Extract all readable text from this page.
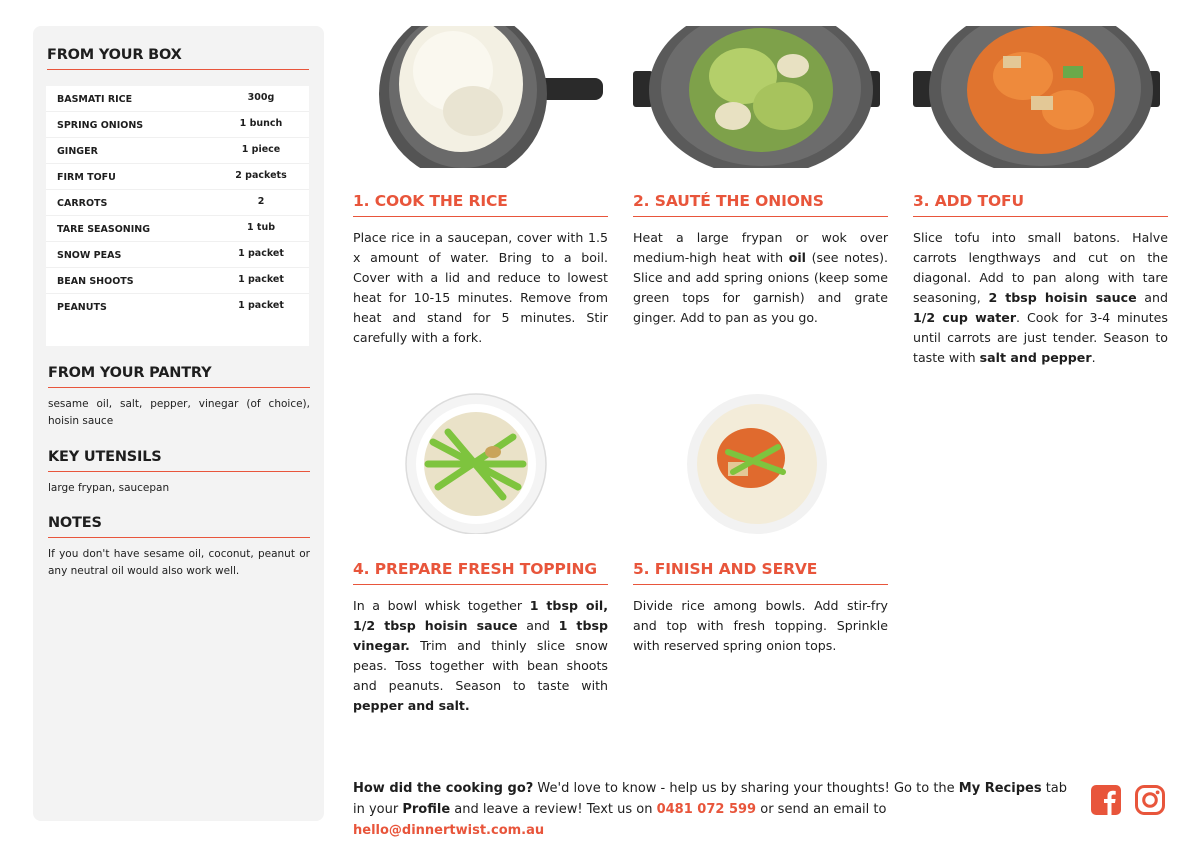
FROM YOUR BOX
BASMATI RICE	300g
SPRING ONIONS	1 bunch
GINGER	1 piece
FIRM TOFU	2 packets
CARROTS	2
TARE SEASONING	1 tub
SNOW PEAS	1 packet
BEAN SHOOTS	1 packet
PEANUTS	1 packet
FROM YOUR PANTRY
sesame oil, salt, pepper, vinegar (of choice), hoisin sauce
KEY UTENSILS
large frypan, saucepan
NOTES
If you don't have sesame oil, coconut, peanut or any neutral oil would also work well.
1. COOK THE RICE
Place rice in a saucepan, cover with 1.5 x amount of water. Bring to a boil. Cover with a lid and reduce to lowest heat for 10-15 minutes. Remove from heat and stand for 5 minutes. Stir carefully with a fork.
2. SAUTÉ THE ONIONS
Heat a large frypan or wok over medium-high heat with oil (see notes). Slice and add spring onions (keep some green tops for garnish) and grate ginger. Add to pan as you go.
3. ADD TOFU
Slice tofu into small batons. Halve carrots lengthways and cut on the diagonal. Add to pan along with tare seasoning, 2 tbsp hoisin sauce and 1/2 cup water. Cook for 3-4 minutes until carrots are just tender. Season to taste with salt and pepper.
4. PREPARE FRESH TOPPING
In a bowl whisk together 1 tbsp oil, 1/2 tbsp hoisin sauce and 1 tbsp vinegar. Trim and thinly slice snow peas. Toss together with bean shoots and peanuts. Season to taste with pepper and salt.
5. FINISH AND SERVE
Divide rice among bowls. Add stir-fry and top with fresh topping. Sprinkle with reserved spring onion tops.
How did the cooking go? We'd love to know - help us by sharing your thoughts! Go to the My Recipes tab in your Profile and leave a review! Text us on 0481 072 599 or send an email to hello@dinnertwist.com.au
